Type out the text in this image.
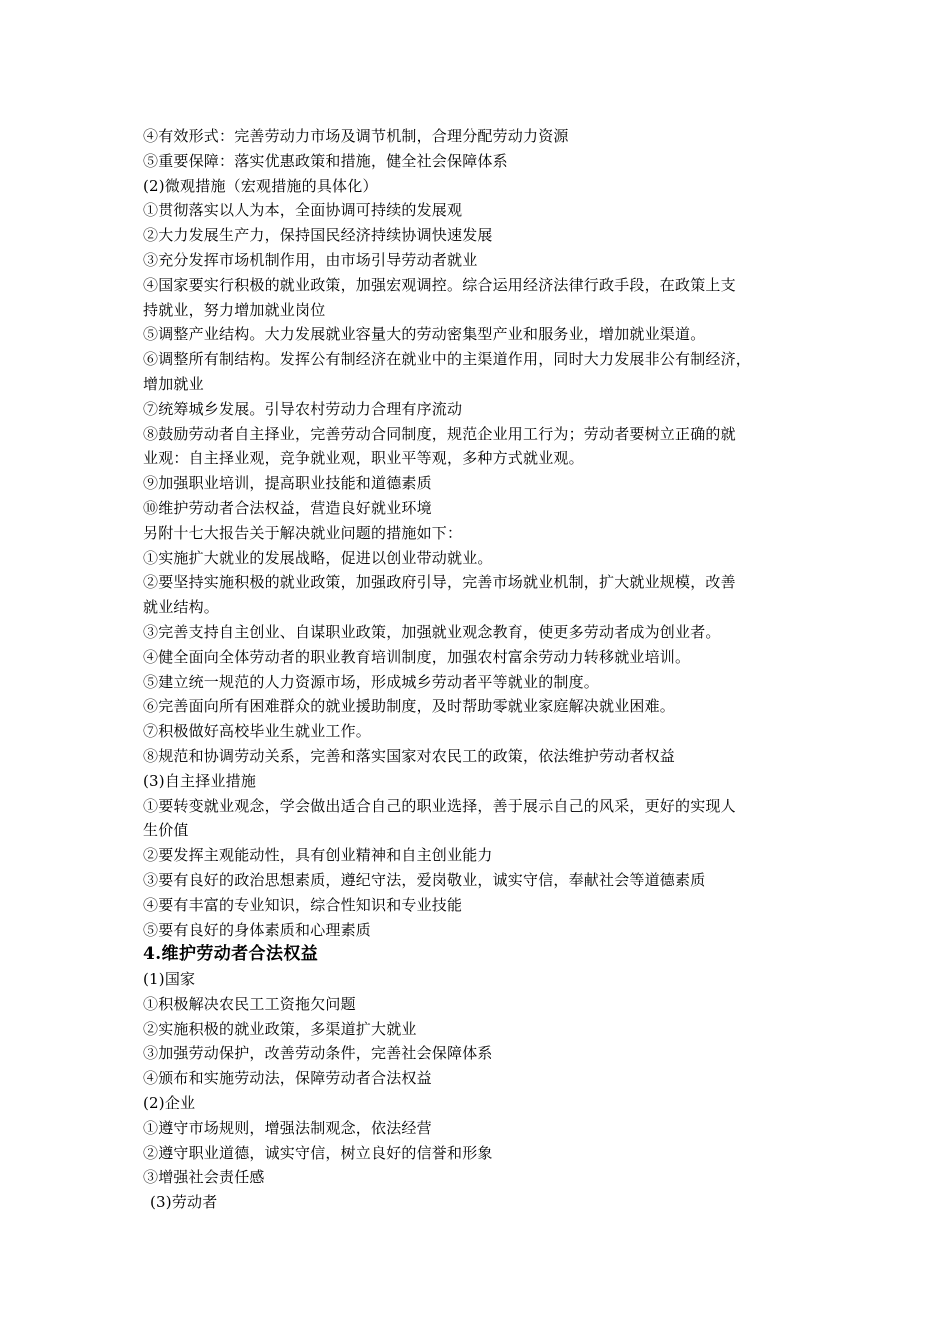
④有效形式：完善劳动力市场及调节机制，合理分配劳动力资源
⑤重要保障：落实优惠政策和措施，健全社会保障体系
(2)微观措施（宏观措施的具体化）
①贯彻落实以人为本，全面协调可持续的发展观
②大力发展生产力，保持国民经济持续协调快速发展
③充分发挥市场机制作用，由市场引导劳动者就业
④国家要实行积极的就业政策，加强宏观调控。综合运用经济法律行政手段，在政策上支
持就业，努力增加就业岗位
⑤调整产业结构。大力发展就业容量大的劳动密集型产业和服务业，增加就业渠道。
⑥调整所有制结构。发挥公有制经济在就业中的主渠道作用，同时大力发展非公有制经济，
增加就业
⑦统筹城乡发展。引导农村劳动力合理有序流动
⑧鼓励劳动者自主择业，完善劳动合同制度，规范企业用工行为；劳动者要树立正确的就
业观：自主择业观，竞争就业观，职业平等观，多种方式就业观。
⑨加强职业培训，提高职业技能和道德素质
⑩维护劳动者合法权益，营造良好就业环境
另附十七大报告关于解决就业问题的措施如下：
①实施扩大就业的发展战略，促进以创业带动就业。
②要坚持实施积极的就业政策，加强政府引导，完善市场就业机制，扩大就业规模，改善
就业结构。
③完善支持自主创业、自谋职业政策，加强就业观念教育，使更多劳动者成为创业者。
④健全面向全体劳动者的职业教育培训制度，加强农村富余劳动力转移就业培训。
⑤建立统一规范的人力资源市场，形成城乡劳动者平等就业的制度。
⑥完善面向所有困难群众的就业援助制度，及时帮助零就业家庭解决就业困难。
⑦积极做好高校毕业生就业工作。
⑧规范和协调劳动关系，完善和落实国家对农民工的政策，依法维护劳动者权益
(3)自主择业措施
①要转变就业观念，学会做出适合自己的职业选择，善于展示自己的风采，更好的实现人
生价值
②要发挥主观能动性，具有创业精神和自主创业能力
③要有良好的政治思想素质，遵纪守法，爱岗敬业，诚实守信，奉献社会等道德素质
④要有丰富的专业知识，综合性知识和专业技能
⑤要有良好的身体素质和心理素质
4.维护劳动者合法权益
(1)国家
①积极解决农民工工资拖欠问题
②实施积极的就业政策，多渠道扩大就业
③加强劳动保护，改善劳动条件，完善社会保障体系
④颁布和实施劳动法，保障劳动者合法权益
(2)企业
①遵守市场规则，增强法制观念，依法经营
②遵守职业道德，诚实守信，树立良好的信誉和形象
③增强社会责任感
(3)劳动者
